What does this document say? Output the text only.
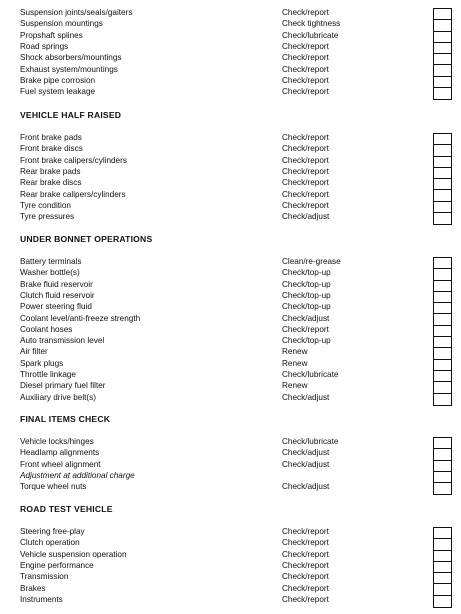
Suspension joints/seals/gaiters	Check/report
Suspension mountings	Check tightness
Propshaft splines	Check/lubricate
Road springs	Check/report
Shock absorbers/mountings	Check/report
Exhaust system/mountings	Check/report
Brake pipe corrosion	Check/report
Fuel system leakage	Check/report
VEHICLE HALF RAISED
Front brake pads	Check/report
Front brake discs	Check/report
Front brake calipers/cylinders	Check/report
Rear brake pads	Check/report
Rear brake discs	Check/report
Rear brake calipers/cylinders	Check/report
Tyre condition	Check/report
Tyre pressures	Check/adjust
UNDER BONNET OPERATIONS
Battery terminals	Clean/re-grease
Washer bottle(s)	Check/top-up
Brake fluid reservoir	Check/top-up
Clutch fluid reservoir	Check/top-up
Power steering fluid	Check/top-up
Coolant level/anti-freeze strength	Check/adjust
Coolant hoses	Check/report
Auto transmission level	Check/top-up
Air filter	Renew
Spark plugs	Renew
Throttle linkage	Check/lubricate
Diesel primary fuel filter	Renew
Auxiliary drive belt(s)	Check/adjust
FINAL ITEMS CHECK
Vehicle locks/hinges	Check/lubricate
Headlamp alignments	Check/adjust
Front wheel alignment	Check/adjust
Adjustment at additional charge
Torque wheel nuts	Check/adjust
ROAD TEST VEHICLE
Steering free-play	Check/report
Clutch operation	Check/report
Vehicle suspension operation	Check/report
Engine performance	Check/report
Transmission	Check/report
Brakes	Check/report
Instruments	Check/report
